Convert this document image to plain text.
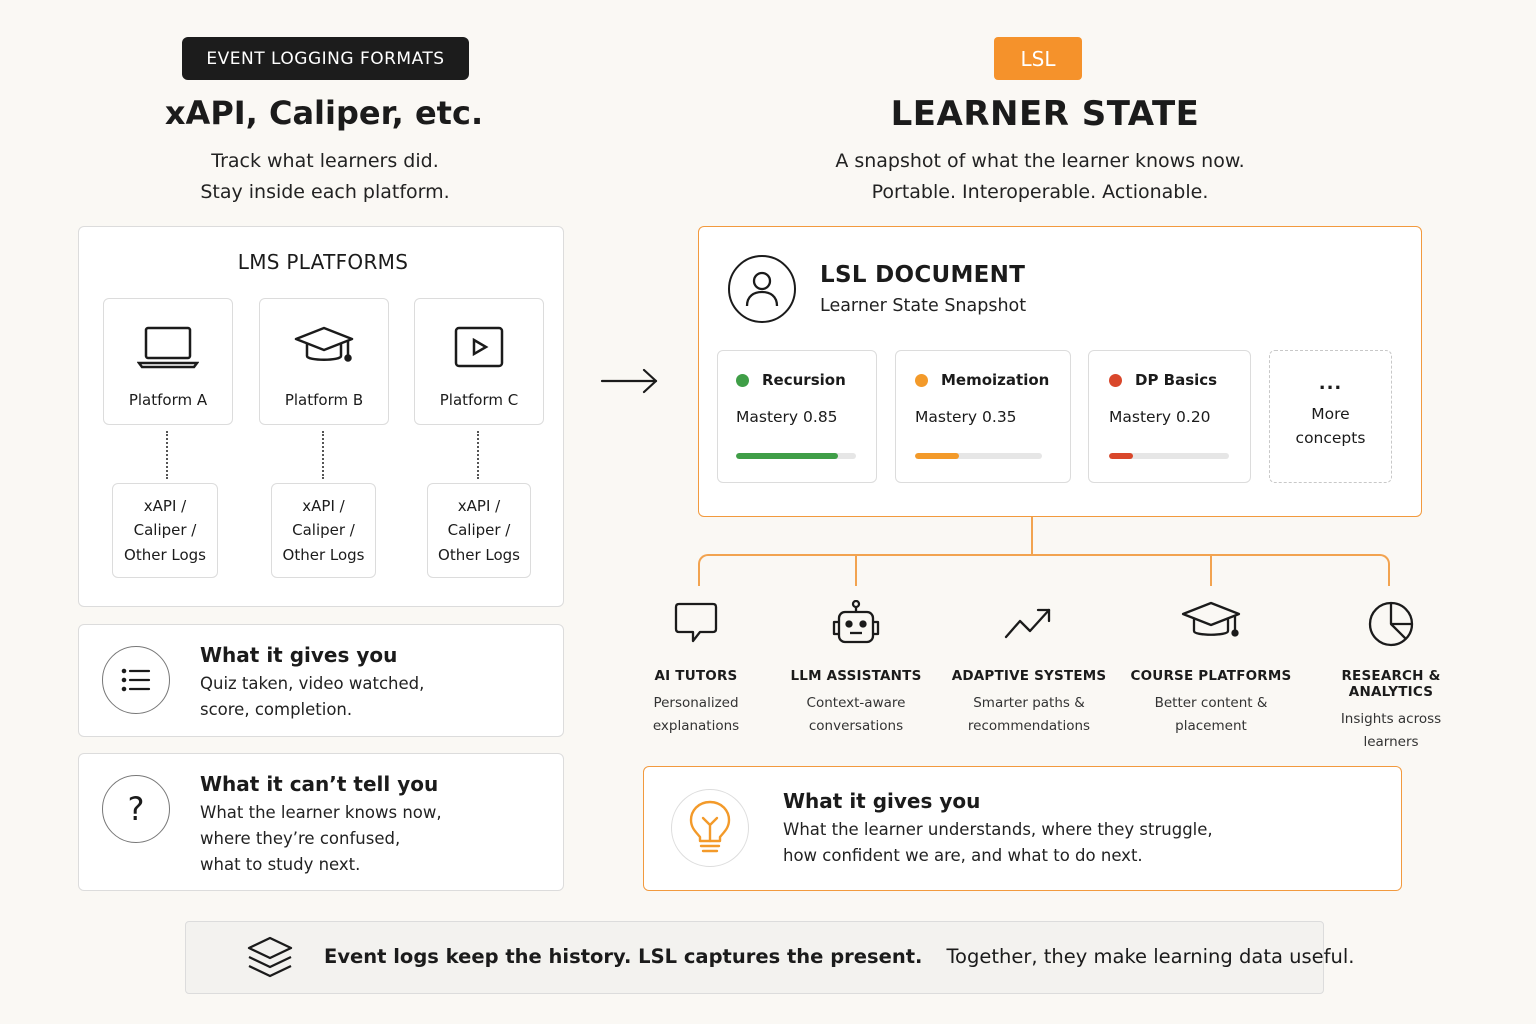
EVENT LOGGING FORMATS
xAPI, Caliper, etc.
Track what learners did.
Stay inside each platform.
LMS PLATFORMS
Platform A	Platform B	Platform C
xAPI /
Caliper /
Other Logs
xAPI /
Caliper /
Other Logs
xAPI /
Caliper /
Other Logs
What it gives you
Quiz taken, video watched,
score, completion.
?
What it can’t tell you
What the learner knows now,
where they’re confused,
what to study next.
LSL
LEARNER STATE
A snapshot of what the learner knows now.
Portable. Interoperable. Actionable.
LSL DOCUMENT
Learner State Snapshot
Recursion
Mastery 0.85
Memoization
Mastery 0.35
DP Basics
Mastery 0.20
...
More
concepts
AI TUTORS
Personalized
explanations
LLM ASSISTANTS
Context-aware
conversations
ADAPTIVE SYSTEMS
Smarter paths &
recommendations
COURSE PLATFORMS
Better content &
placement
RESEARCH & ANALYTICS
Insights across
learners
What it gives you
What the learner understands, where they struggle,
how confident we are, and what to do next.
Event logs keep the history. LSL captures the present. Together, they make learning data useful.
